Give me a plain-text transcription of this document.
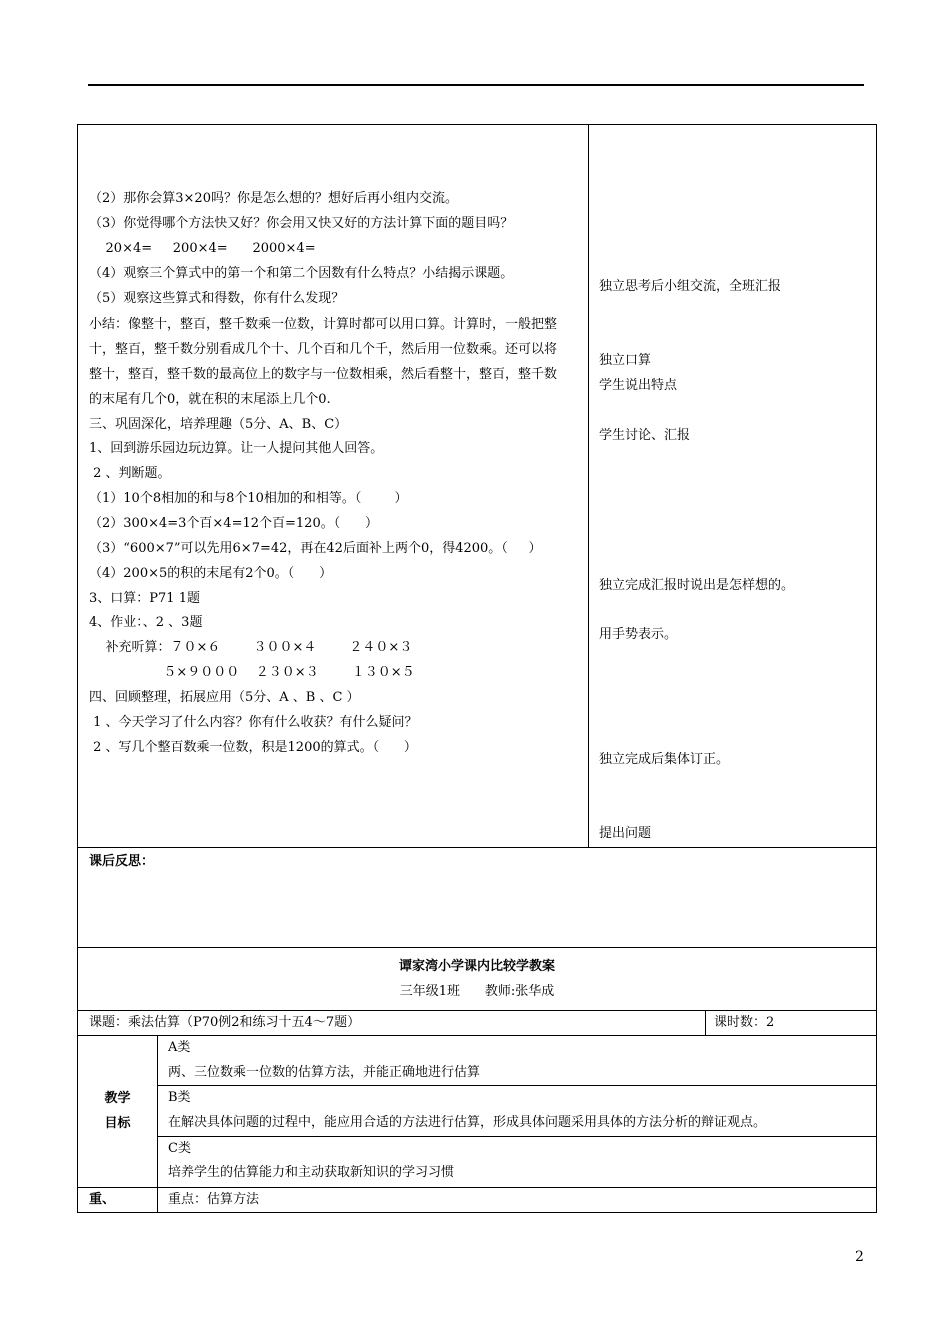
（2）那你会算3×20吗？你是怎么想的？想好后再小组内交流。
（3）你觉得哪个方法快又好？你会用又快又好的方法计算下面的题目吗？
20×4=     200×4=      2000×4=
（4）观察三个算式中的第一个和第二个因数有什么特点？小结揭示课题。
（5）观察这些算式和得数，你有什么发现？
小结：像整十，整百，整千数乘一位数，计算时都可以用口算。计算时，一般把整
十，整百，整千数分别看成几个十、几个百和几个千，然后用一位数乘。还可以将
整十，整百，整千数的最高位上的数字与一位数相乘，然后看整十，整百，整千数
的末尾有几个0，就在积的末尾添上几个0.
三、巩固深化，培养理趣（5分、A、B、C）
1、回到游乐园边玩边算。让一人提问其他人回答。
2 、判断题。
（1）10个8相加的和与8个10相加的和相等。（        ）
（2）300×4=3个百×4=12个百=120。（      ）
（3）“600×7”可以先用6×7=42，再在42后面补上两个0，得4200。（     ）
（4）200×5的积的末尾有2个0。（      ）
3、口算：P71 1题
4、作业：、2 、3题
补充听算：７０×６        ３００×４        ２４０×３
５×９０００    ２３０×３        １３０×５
四、回顾整理，拓展应用（5分、A 、B 、C ）
1 、今天学习了什么内容？你有什么收获？有什么疑问？
2 、写几个整百数乘一位数，积是1200的算式。（      ）
独立思考后小组交流，全班汇报
独立口算
学生说出特点
学生讨论、汇报
独立完成汇报时说出是怎样想的。
用手势表示。
独立完成后集体订正。
提出问题
课后反思：
谭家湾小学课内比较学教案
三年级1班      教师:张华成
课题：乘法估算（P70例2和练习十五4～7题）	课时数：2
教学
目标
A类
两、三位数乘一位数的估算方法，并能正确地进行估算
B类
在解决具体问题的过程中，能应用合适的方法进行估算，形成具体问题采用具体的方法分析的辩证观点。
C类
培养学生的估算能力和主动获取新知识的学习习惯
重、	重点：估算方法
2
